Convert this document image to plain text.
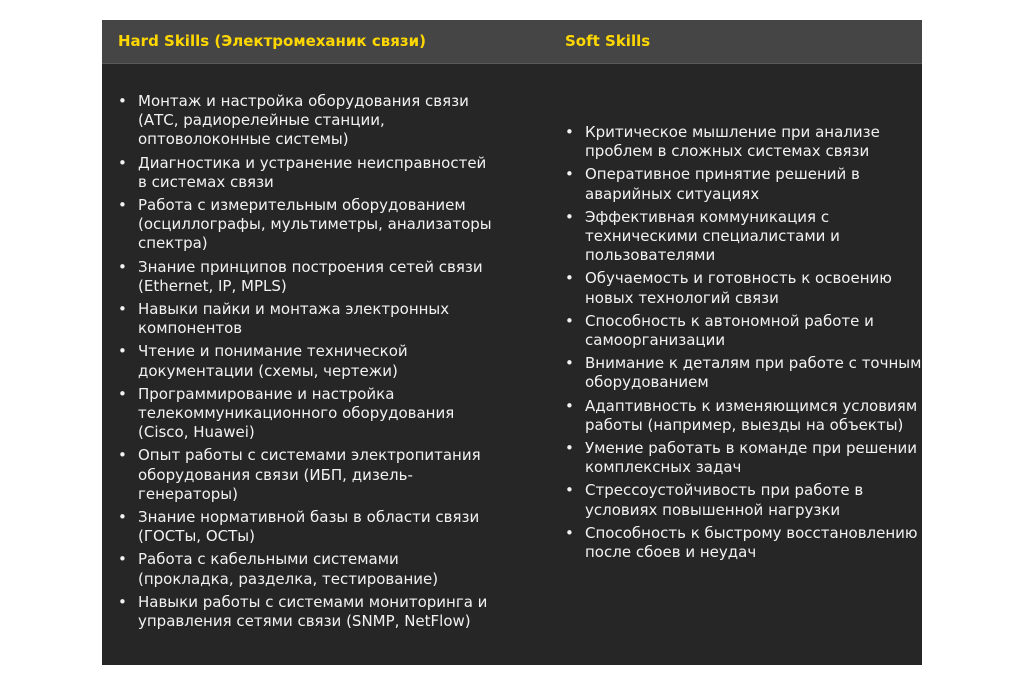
Hard Skills (Электромеханик связи)	Soft Skills
• Монтаж и настройка оборудования связи (АТС, радиорелейные станции, оптоволоконные системы)
• Диагностика и устранение неисправностей в системах связи
• Работа с измерительным оборудованием (осциллографы, мультиметры, анализаторы спектра)
• Знание принципов построения сетей связи (Ethernet, IP, MPLS)
• Навыки пайки и монтажа электронных компонентов
• Чтение и понимание технической документации (схемы, чертежи)
• Программирование и настройка телекоммуникационного оборудования (Cisco, Huawei)
• Опыт работы с системами электропитания оборудования связи (ИБП, дизель-генераторы)
• Знание нормативной базы в области связи (ГОСТы, ОСТы)
• Работа с кабельными системами (прокладка, разделка, тестирование)
• Навыки работы с системами мониторинга и управления сетями связи (SNMP, NetFlow)
• Критическое мышление при анализе проблем в сложных системах связи
• Оперативное принятие решений в аварийных ситуациях
• Эффективная коммуникация с техническими специалистами и пользователями
• Обучаемость и готовность к освоению новых технологий связи
• Способность к автономной работе и самоорганизации
• Внимание к деталям при работе с точным оборудованием
• Адаптивность к изменяющимся условиям работы (например, выезды на объекты)
• Умение работать в команде при решении комплексных задач
• Стрессоустойчивость при работе в условиях повышенной нагрузки
• Способность к быстрому восстановлению после сбоев и неудач
